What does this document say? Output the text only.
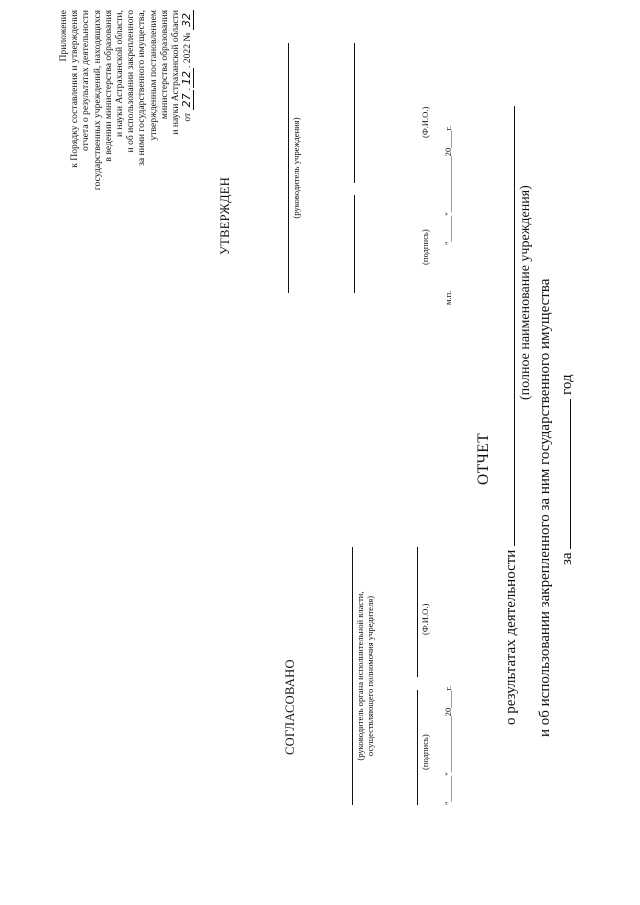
Приложение к Порядку составления и утверждения отчета о результатах деятельности государственных учреждений, находящихся в ведении министерства образования и науки Астраханской области, и об использовании закрепленного за ними государственного имущества, утвержденным постановлением министерства образования и науки Астраханской области от 27.12. 2022 № 32
УТВЕРЖДЕН	(руководитель учреждения)
(подпись)
(Ф.И.О.)
м.п.
"______"_____________20____г.
СОГЛАСОВАНО	(руководитель органа исполнительной власти, осуществляющего полномочия учредителя)	(подпись)
(Ф.И.О.)
"______"_____________20____г.
ОТЧЕТ
о результатах деятельности
(полное наименование учреждения) и об использовании закрепленного за ним государственного имущества за  год
